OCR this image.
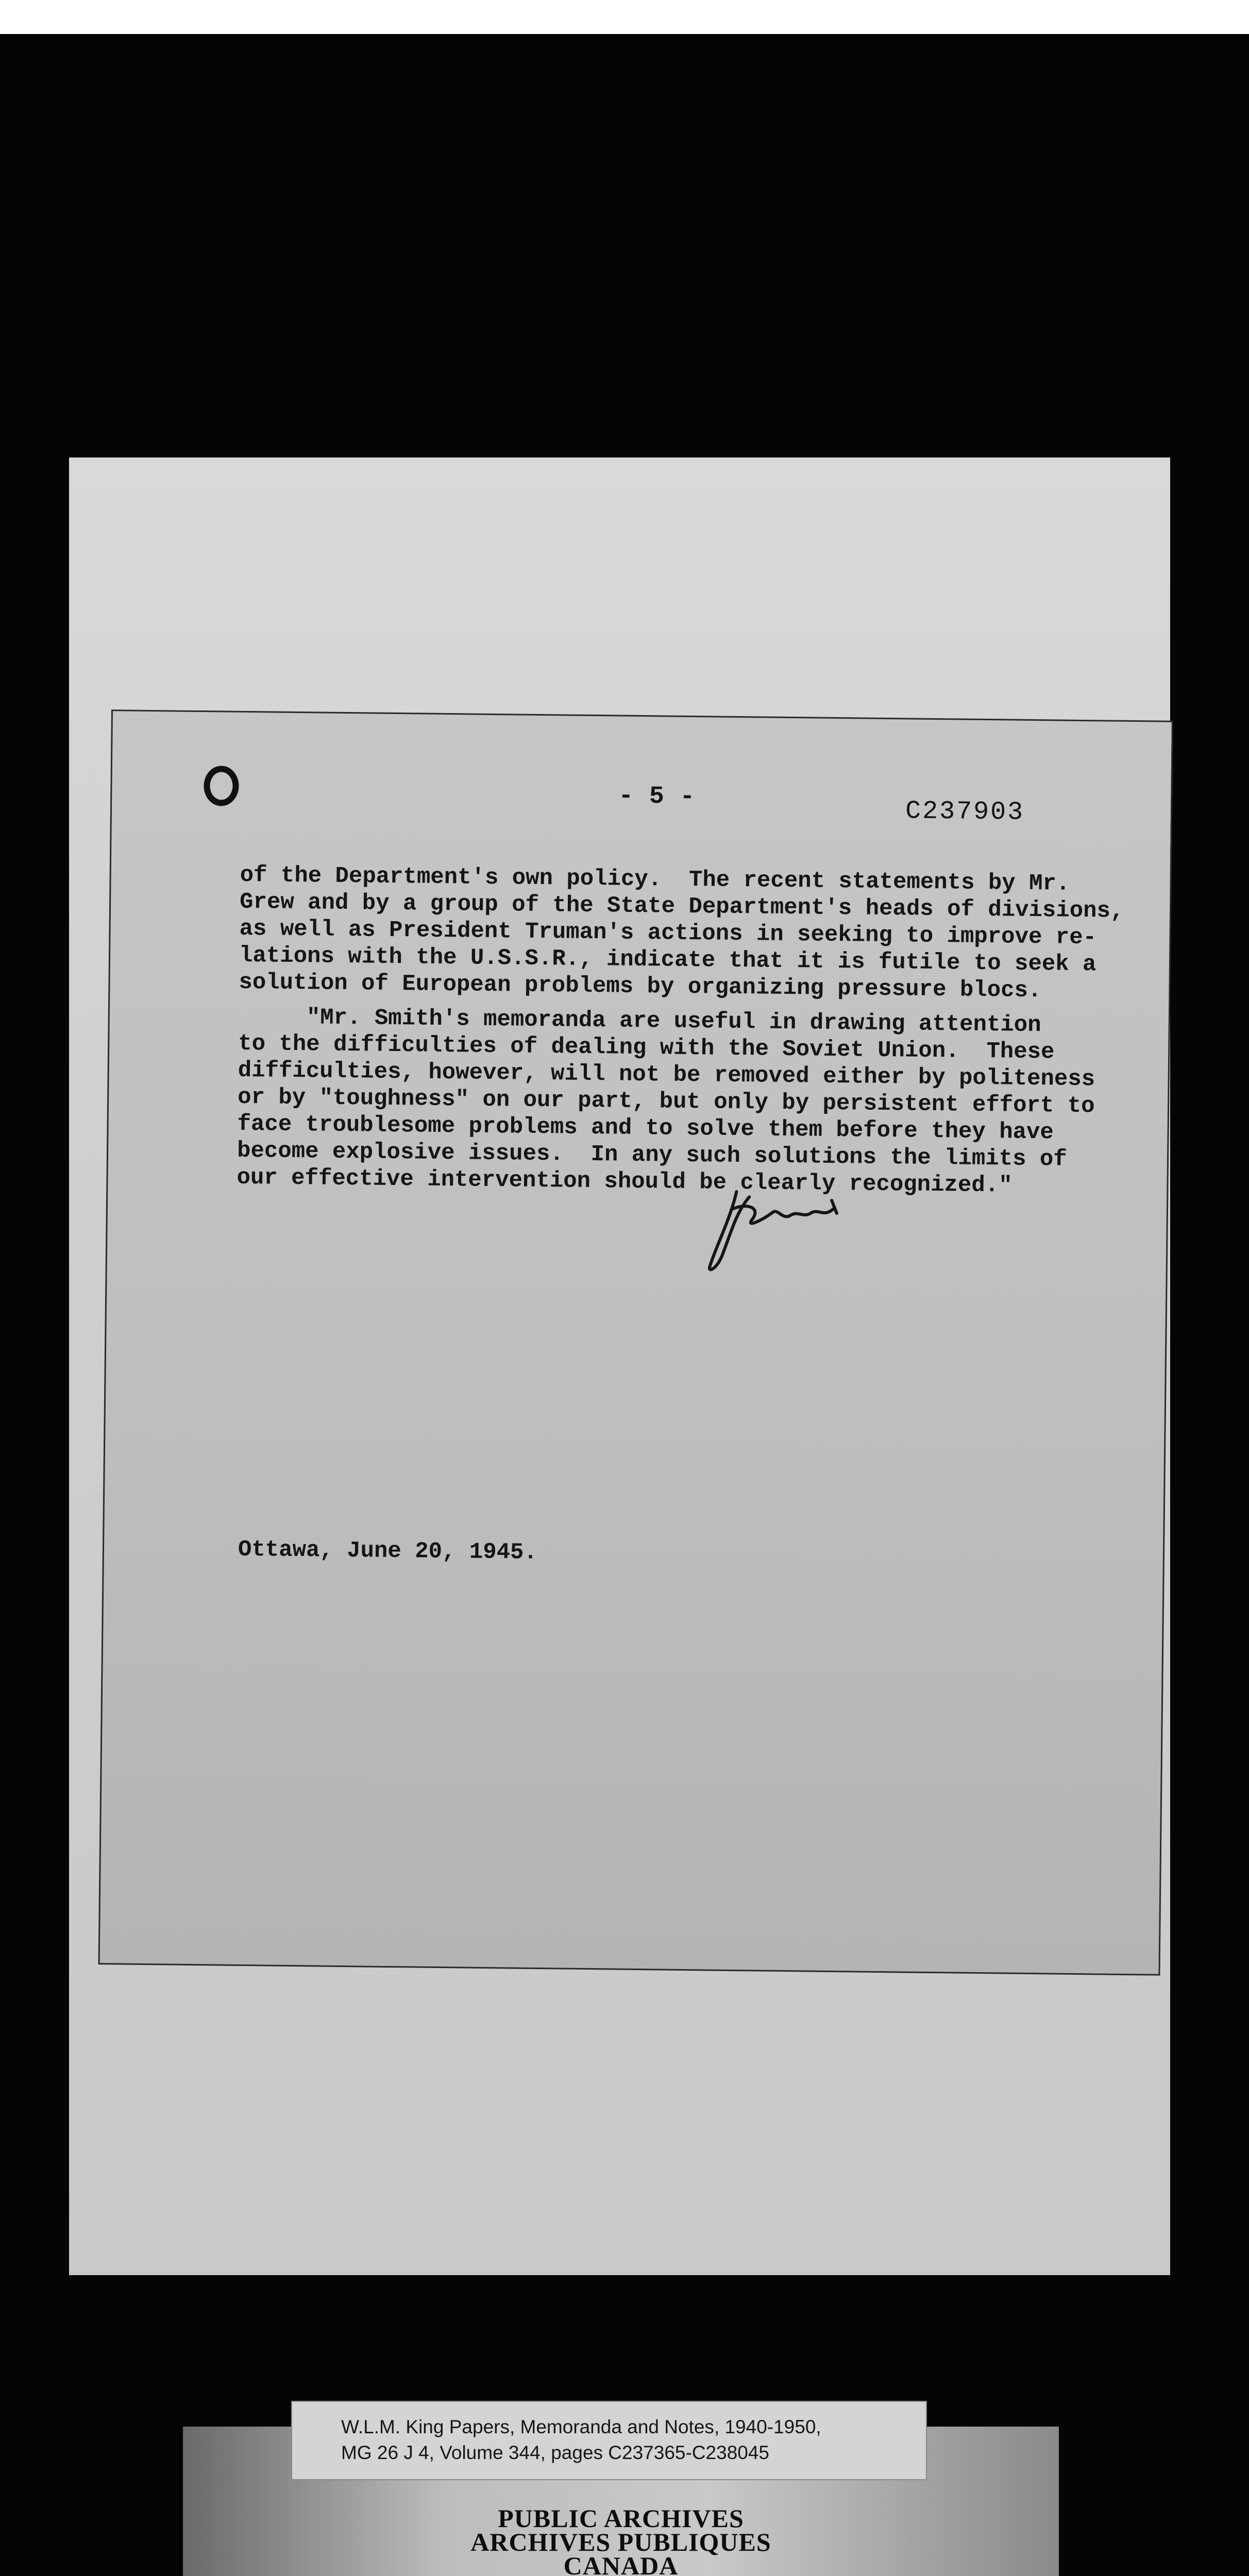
- 5 -
C237903
of the Department's own policy.  The recent statements by Mr.
Grew and by a group of the State Department's heads of divisions,
as well as President Truman's actions in seeking to improve re-
lations with the U.S.S.R., indicate that it is futile to seek a
solution of European problems by organizing pressure blocs.
"Mr. Smith's memoranda are useful in drawing attention
to the difficulties of dealing with the Soviet Union.  These
difficulties, however, will not be removed either by politeness
or by "toughness" on our part, but only by persistent effort to
face troublesome problems and to solve them before they have
become explosive issues.  In any such solutions the limits of
our effective intervention should be clearly recognized."
Ottawa, June 20, 1945.
PUBLIC ARCHIVES
ARCHIVES PUBLIQUES
CANADA
W.L.M. King Papers, Memoranda and Notes, 1940-1950,
MG 26 J 4, Volume 344, pages C237365-C238045
